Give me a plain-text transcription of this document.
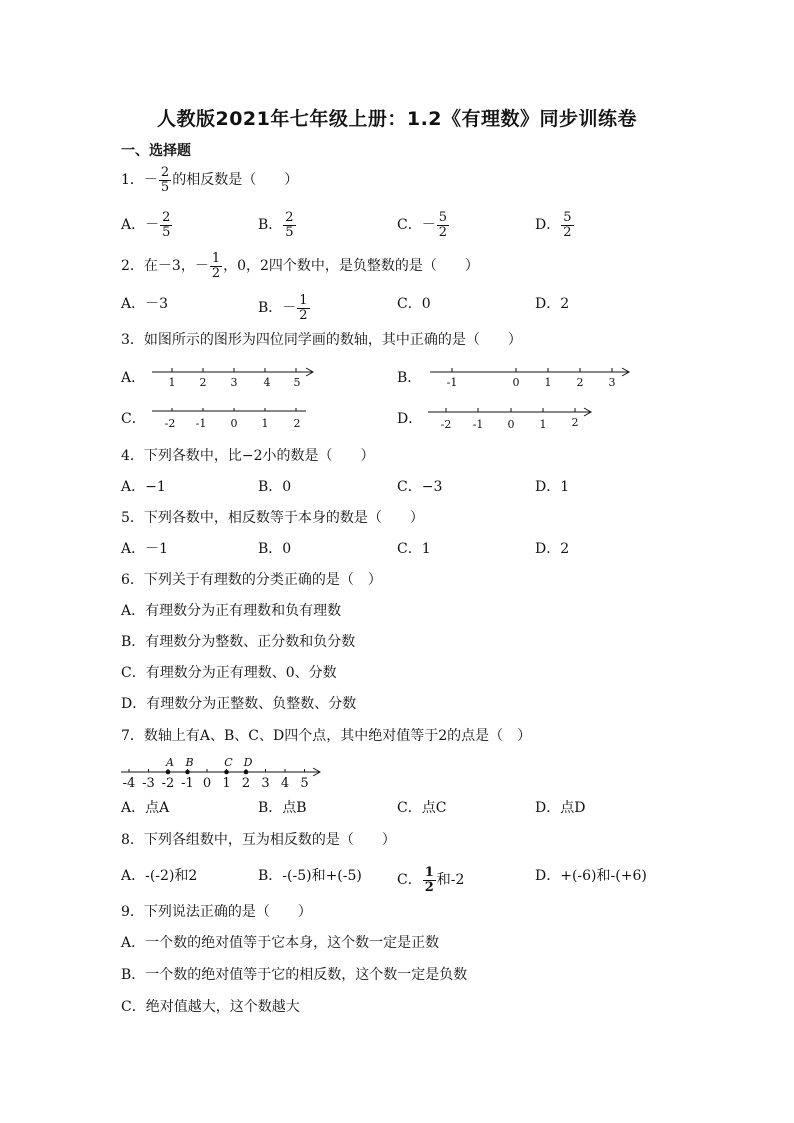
人教版2021年七年级上册：1.2《有理数》同步训练卷
一、选择题
1．－ $\frac{2}{5}$ 的相反数是（　　）
A．－ $\frac{2}{5}$	B． $\frac{2}{5}$	C．－ $\frac{5}{2}$	D． $\frac{5}{2}$
2．在－3，－ $\frac{1}{2}$ ，0，2四个数中，是负整数的是（　　）
A．－3	B．－ $\frac{1}{2}$	C．0	D．2
3．如图所示的图形为四位同学画的数轴，其中正确的是（　　）
A．	B．
C．	D．
1 2 3 4 5	-1	0 1 2 3
-2 -1 0 1 2	-2 -1 0 1 2
4．下列各数中，比−2小的数是（　　）
A．−1	B．0	C．−3	D．1
5．下列各数中，相反数等于本身的数是（　　）
A．－1	B．0	C．1	D．2
6．下列关于有理数的分类正确的是（　）
A．有理数分为正有理数和负有理数
B．有理数分为整数、正分数和负分数
C．有理数分为正有理数、0、分数
D．有理数分为正整数、负整数、分数
7．数轴上有A、B、C、D四个点，其中绝对值等于2的点是（　）
-4 -3 -2 -1 0 1 2 3 4 5
A B	C D
A．点A	B．点B	C．点C	D．点D
8．下列各组数中，互为相反数的是（　　）
A．-(-2)和2	B．-(-5)和+(-5)	C． $\frac{1}{2}$ 和-2	D．+(-6)和-(+6)
9．下列说法正确的是（　　）
A．一个数的绝对值等于它本身，这个数一定是正数
B．一个数的绝对值等于它的相反数，这个数一定是负数
C．绝对值越大，这个数越大
